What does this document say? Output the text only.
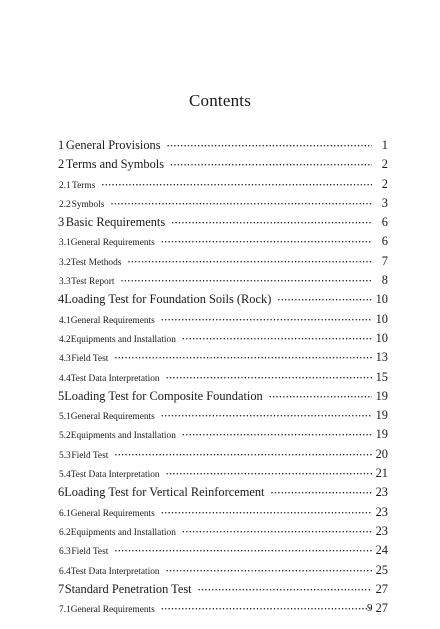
Contents
1 General Provisions ·····	1
2 Terms and Symbols ·····	2
2.1 Terms ·····	2
2.2 Symbols ·····	3
3 Basic Requirements ·····	6
3.1 General Requirements ·····	6
3.2 Test Methods ·····	7
3.3 Test Report ·····	8
4 Loading Test for Foundation Soils (Rock) ·····	10
4.1 General Requirements ·····	10
4.2 Equipments and Installation ·····	10
4.3 Field Test ·····	13
4.4 Test Data Interpretation ·····	15
5 Loading Test for Composite Foundation ·····	19
5.1 General Requirements ·····	19
5.2 Equipments and Installation ·····	19
5.3 Field Test ·····	20
5.4 Test Data Interpretation ·····	21
6 Loading Test for Vertical Reinforcement ·····	23
6.1 General Requirements ·····	23
6.2 Equipments and Installation ·····	23
6.3 Field Test ·····	24
6.4 Test Data Interpretation ·····	25
7 Standard Penetration Test ·····	27
7.1 General Requirements ·····	27
9
